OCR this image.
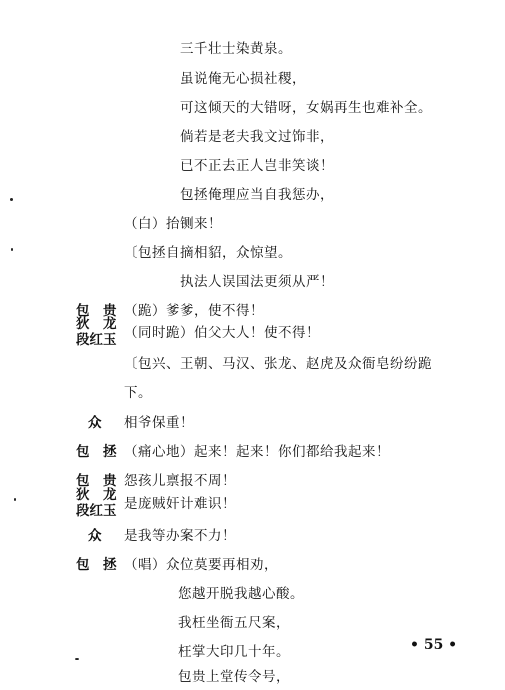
三千壮士染黄泉。
虽说俺无心损社稷，
可这倾天的大错呀，女娲再生也难补全。
倘若是老夫我文过饰非，
已不正去正人岂非笑谈！
包拯俺理应当自我惩办，
（白）抬铡来！
〔包拯自摘相貂，众惊望。
执法人误国法更须从严！
包　贵 （跪）爹爹，使不得！
狄　龙
段红玉 （同时跪）伯父大人！使不得！
〔包兴、王朝、马汉、张龙、赵虎及众衙皂纷纷跪
下。
众 相爷保重！
包　拯 （痛心地）起来！起来！你们都给我起来！
包　贵 怨孩儿禀报不周！
狄　龙
段红玉 是庞贼奸计难识！
众 是我等办案不力！
包　拯 （唱）众位莫要再相劝，
您越开脱我越心酸。
我枉坐衙五尺案，
枉掌大印几十年。
包贵上堂传令号，
• 55 •
